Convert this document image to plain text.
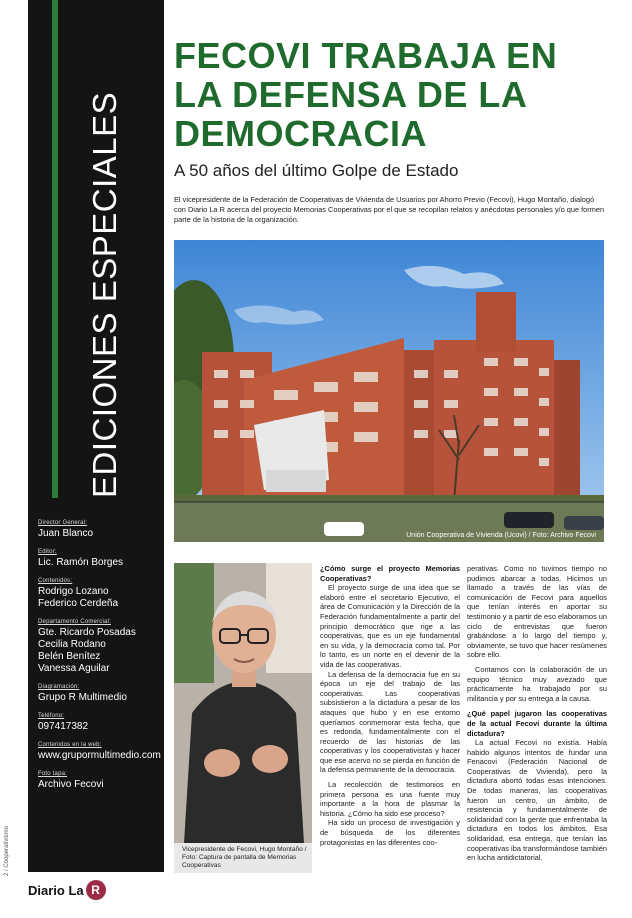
EDICIONES ESPECIALES
Director General:
Juan Blanco
Editor:
Lic. Ramón Borges
Contenidos:
Rodrigo Lozano
Federico Cerdeña
Departamento Comercial:
Gte. Ricardo Posadas
Cecilia Rodano
Belén Benítez
Vanessa Aguilar
Diagramación:
Grupo R Multimedio
Teléfono:
097417382
Contenidos en la web:
www.grupormultimedio.com
Foto tapa:
Archivo Fecovi
2 / Cooperativismo
Diario La R
FECOVI TRABAJA EN LA DEFENSA DE LA DEMOCRACIA
A 50 años del último Golpe de Estado
El vicepresidente de la Federación de Cooperativas de Vivienda de Usuarios por Ahorro Previo (Fecovi), Hugo Montaño, dialogó con Diario La R acerca del proyecto Memorias Cooperativas por el que se recopilan relatos y anécdotas personales y/o que formen parte de la historia de la organización.
Unión Cooperativa de Vivienda (Ucovi) / Foto: Archivo Fecovi
Vicepresidente de Fecovi, Hugo Montaño / Foto: Captura de pantalla de Memorias Cooperativas
¿Cómo surge el proyecto Memorias Cooperativas?

El proyecto surge de una idea que se elaboró entre el secretario Ejecutivo, el área de Comunicación y la Dirección de la Federación fundamentalmente a partir del principio democrático que rige a las cooperativas, que es un eje fundamental en su vida, y la democracia como tal. Por lo tanto, es un norte en el devenir de la vida de las cooperativas.

La defensa de la democracia fue en su época un eje del trabajo de las cooperativas. Las cooperativas subsistieron a la dictadura a pesar de los ataques que hubo y en ese entorno queríamos conmemorar esta fecha, que es redonda, fundamentalmente con el recuerdo de las historias de las cooperativas y los cooperativistas y hacer que ese acervo no se pierda en función de la defensa permanente de la democracia.

La recolección de testimonios en primera persona es una fuente muy importante a la hora de plasmar la historia. ¿Cómo ha sido ese proceso?

Ha sido un proceso de investigación y de búsqueda de los diferentes protagonistas en las diferentes coo-

perativas. Como no tuvimos tiempo no pudimos abarcar a todas. Hicimos un llamado a través de las vías de comunicación de Fecovi para aquellos que tenían interés en aportar su testimonio y a partir de eso elaboramos un ciclo de entrevistas que fueron grabándose a lo largo del tiempo y, obviamente, se tuvo que hacer resúmenes sobre ello.

Contamos con la colaboración de un equipo técnico muy avezado que prácticamente ha trabajado por su militancia y por su entrega a la causa.

¿Qué papel jugaron las cooperativas de la actual Fecovi durante la última dictadura?

La actual Fecovi no existía. Había habido algunos intentos de fundar una Fenacovi (Federación Nacional de Cooperativas de Vivienda), pero la dictadura abortó todas esas intenciones. De todas maneras, las cooperativas fueron un centro, un ámbito, de resistencia y fundamentalmente de solidaridad con la gente que enfrentaba la dictadura en todos los ámbitos. Esa solidaridad, esa entrega, que tenían las cooperativas iba transformándose también en lucha antidictatorial.
